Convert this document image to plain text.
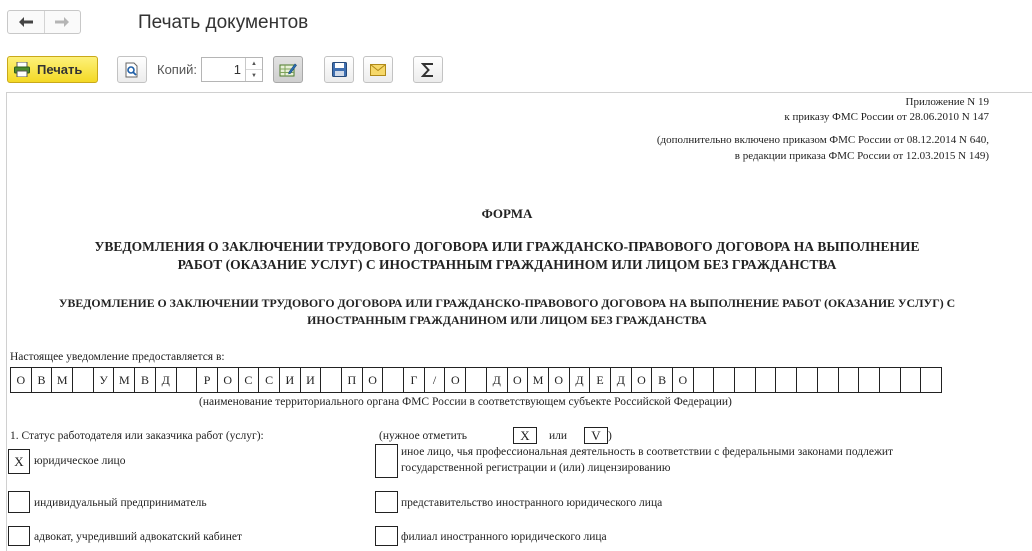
Печать документов
Печать	Копий:
1	▲
▼
Приложение N 19
к приказу ФМС России от 28.06.2010 N 147
(дополнительно включено приказом ФМС России от 08.12.2014 N 640,
в редакции приказа ФМС России от 12.03.2015 N 149)
ФОРМА
УВЕДОМЛЕНИЯ О ЗАКЛЮЧЕНИИ ТРУДОВОГО ДОГОВОРА ИЛИ ГРАЖДАНСКО-ПРАВОВОГО ДОГОВОРА НА ВЫПОЛНЕНИЕ
РАБОТ (ОКАЗАНИЕ УСЛУГ) С ИНОСТРАННЫМ ГРАЖДАНИНОМ ИЛИ ЛИЦОМ БЕЗ ГРАЖДАНСТВА
УВЕДОМЛЕНИЕ О ЗАКЛЮЧЕНИИ ТРУДОВОГО ДОГОВОРА ИЛИ ГРАЖДАНСКО-ПРАВОВОГО ДОГОВОРА НА ВЫПОЛНЕНИЕ РАБОТ (ОКАЗАНИЕ УСЛУГ) С
ИНОСТРАННЫМ ГРАЖДАНИНОМ ИЛИ ЛИЦОМ БЕЗ ГРАЖДАНСТВА
Настоящее уведомление предоставляется в:
О	В М	У М В	Д	Р	О	С	С	И	И	П	О	Г	/	О	Д	О М О	Д	Е	Д	О	В	О
(наименование территориального органа ФМС России в соответствующем субъекте Российской Федерации)
1. Статус работодателя или заказчика работ (услуг):	(нужное отметить	X	или	V )
X юридическое лицо
индивидуальный предприниматель
адвокат, учредивший адвокатский кабинет
иное лицо, чья профессиональная деятельность в соответствии с федеральными законами подлежит
государственной регистрации и (или) лицензированию
представительство иностранного юридического лица
филиал иностранного юридического лица
